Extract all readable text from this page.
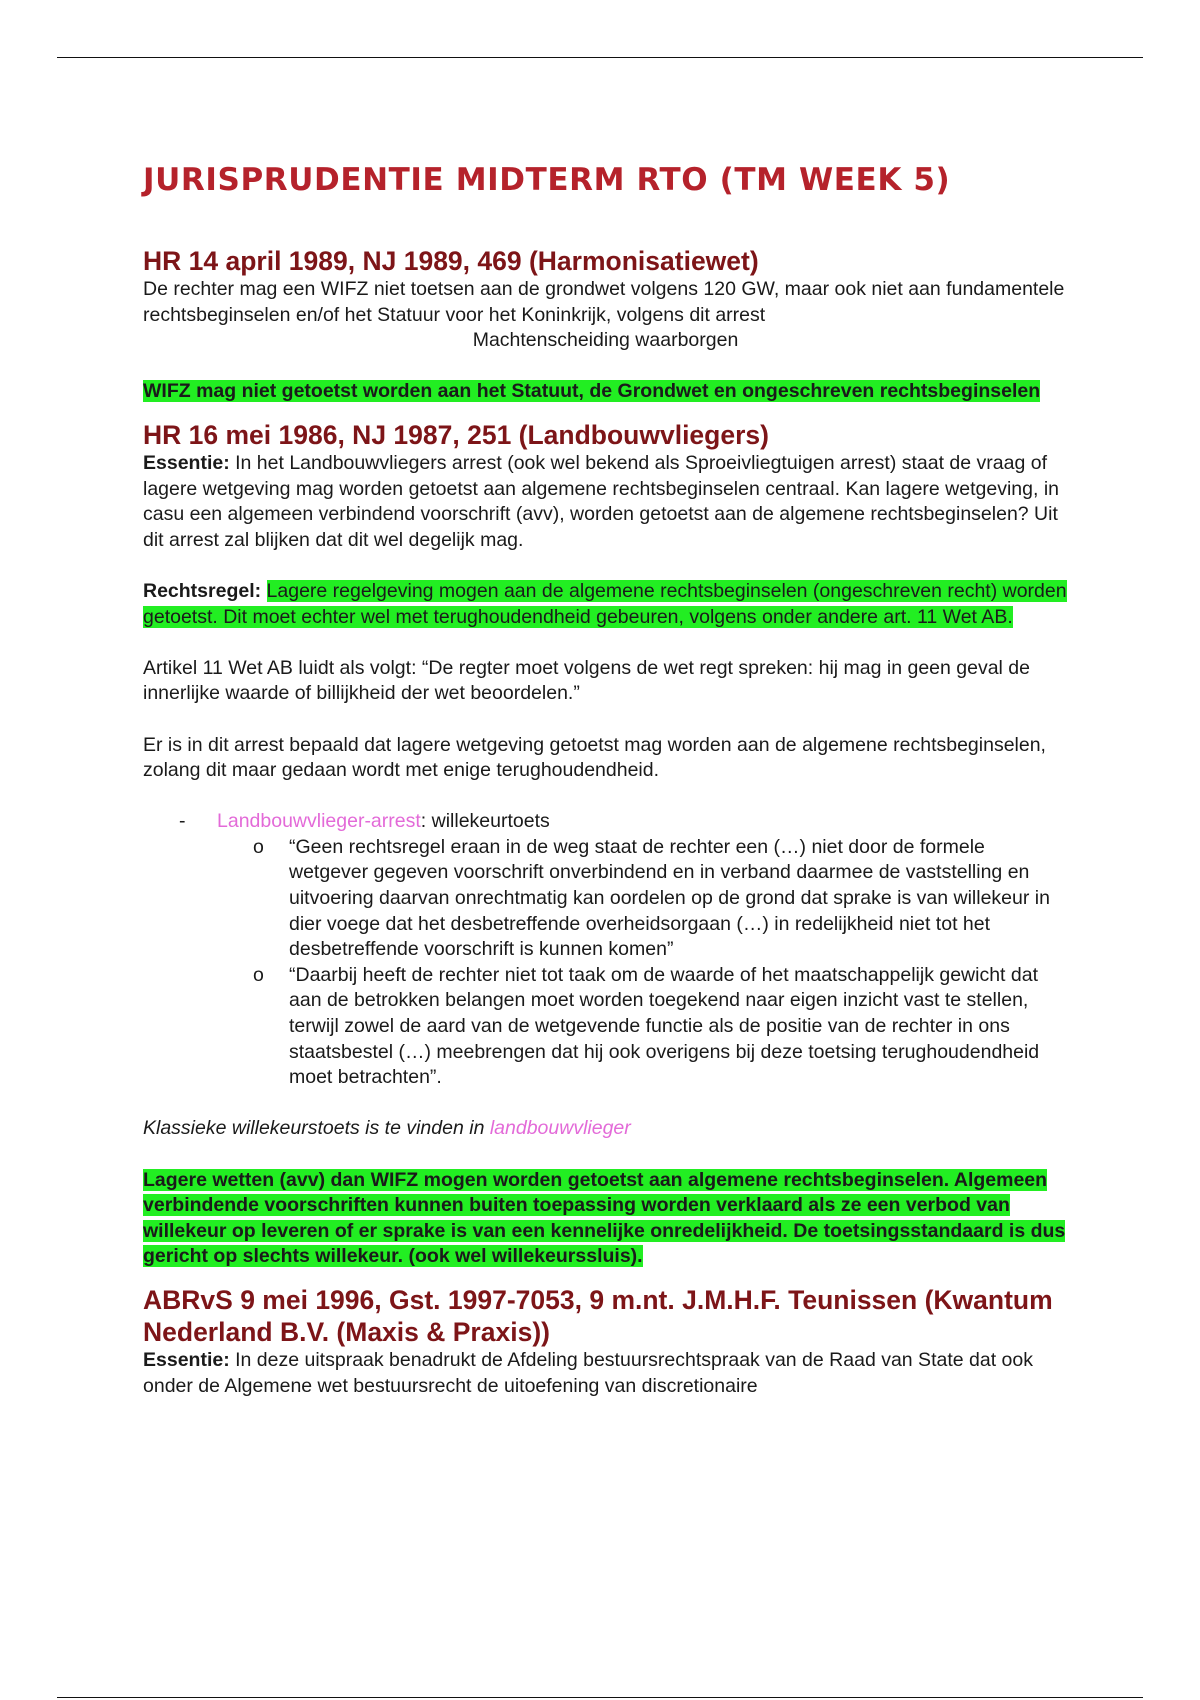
JURISPRUDENTIE MIDTERM RTO (TM WEEK 5)
HR 14 april 1989, NJ 1989, 469 (Harmonisatiewet)

De rechter mag een WIFZ niet toetsen aan de grondwet volgens 120 GW, maar ook niet aan fundamentele rechtsbeginselen en/of het Statuur voor het Koninkrijk, volgens dit arrest

Machtenscheiding waarborgen

WIFZ mag niet getoetst worden aan het Statuut, de Grondwet en ongeschreven rechtsbeginselen

HR 16 mei 1986, NJ 1987, 251 (Landbouwvliegers)

Essentie: In het Landbouwvliegers arrest (ook wel bekend als Sproeivliegtuigen arrest) staat de vraag of lagere wetgeving mag worden getoetst aan algemene rechtsbeginselen centraal. Kan lagere wetgeving, in casu een algemeen verbindend voorschrift (avv), worden getoetst aan de algemene rechtsbeginselen? Uit dit arrest zal blijken dat dit wel degelijk mag.

Rechtsregel: Lagere regelgeving mogen aan de algemene rechtsbeginselen (ongeschreven recht) worden getoetst. Dit moet echter wel met terughoudendheid gebeuren, volgens onder andere art. 11 Wet AB.

Artikel 11 Wet AB luidt als volgt: “De regter moet volgens de wet regt spreken: hij mag in geen geval de innerlijke waarde of billijkheid der wet beoordelen.”

Er is in dit arrest bepaald dat lagere wetgeving getoetst mag worden aan de algemene rechtsbeginselen, zolang dit maar gedaan wordt met enige terughoudendheid.

- Landbouwvlieger-arrest: willekeurtoets
o “Geen rechtsregel eraan in de weg staat de rechter een (…) niet door de formele wetgever gegeven voorschrift onverbindend en in verband daarmee de vaststelling en uitvoering daarvan onrechtmatig kan oordelen op de grond dat sprake is van willekeur in dier voege dat het desbetreffende overheidsorgaan (…) in redelijkheid niet tot het desbetreffende voorschrift is kunnen komen”
o “Daarbij heeft de rechter niet tot taak om de waarde of het maatschappelijk gewicht dat aan de betrokken belangen moet worden toegekend naar eigen inzicht vast te stellen, terwijl zowel de aard van de wetgevende functie als de positie van de rechter in ons staatsbestel (…) meebrengen dat hij ook overigens bij deze toetsing terughoudendheid moet betrachten”.

Klassieke willekeurstoets is te vinden in landbouwvlieger

Lagere wetten (avv) dan WIFZ mogen worden getoetst aan algemene rechtsbeginselen. Algemeen verbindende voorschriften kunnen buiten toepassing worden verklaard als ze een verbod van willekeur op leveren of er sprake is van een kennelijke onredelijkheid. De toetsingsstandaard is dus gericht op slechts willekeur. (ook wel willekeurssluis).

ABRvS 9 mei 1996, Gst. 1997-7053, 9 m.nt. J.M.H.F. Teunissen (Kwantum Nederland B.V. (Maxis & Praxis))

Essentie: In deze uitspraak benadrukt de Afdeling bestuursrechtspraak van de Raad van State dat ook onder de Algemene wet bestuursrecht de uitoefening van discretionaire
